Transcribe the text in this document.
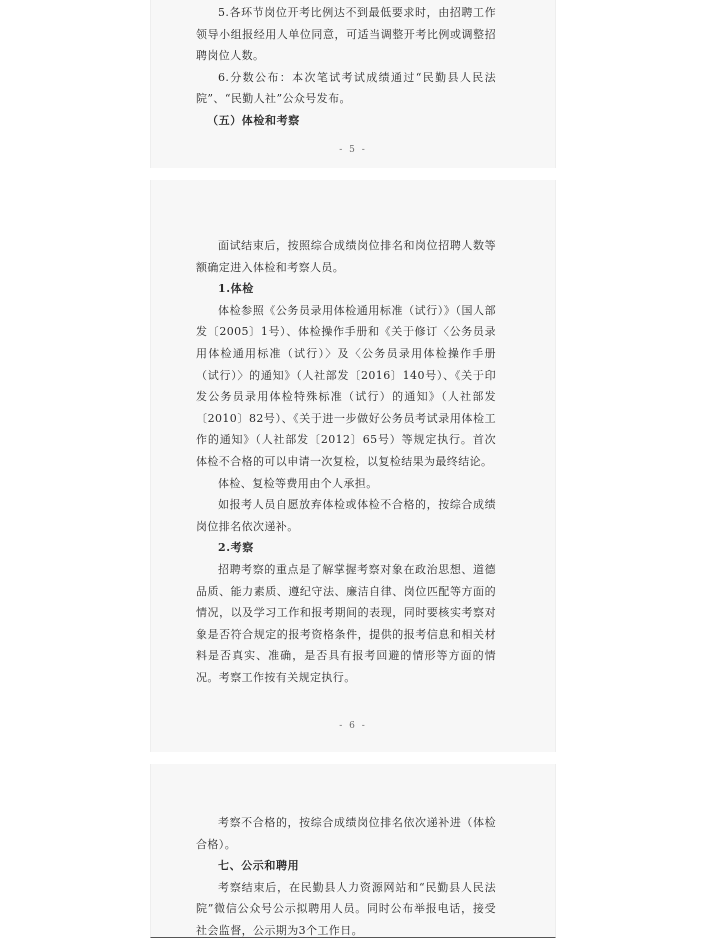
5.各环节岗位开考比例达不到最低要求时，由招聘工作领导小组报经用人单位同意，可适当调整开考比例或调整招聘岗位人数。

6.分数公布：本次笔试考试成绩通过“民勤县人民法院”、“民勤人社”公众号发布。

（五）体检和考察

- 5 -

面试结束后，按照综合成绩岗位排名和岗位招聘人数等额确定进入体检和考察人员。

1.体检

体检参照《公务员录用体检通用标准（试行）》（国人部发〔2005〕1号）、体检操作手册和《关于修订〈公务员录用体检通用标准（试行）〉及〈公务员录用体检操作手册（试行）〉的通知》（人社部发〔2016〕140号）、《关于印发公务员录用体检特殊标准（试行）的通知》（人社部发〔2010〕82号）、《关于进一步做好公务员考试录用体检工作的通知》（人社部发〔2012〕65号）等规定执行。首次体检不合格的可以申请一次复检，以复检结果为最终结论。

体检、复检等费用由个人承担。

如报考人员自愿放弃体检或体检不合格的，按综合成绩岗位排名依次递补。

2.考察

招聘考察的重点是了解掌握考察对象在政治思想、道德品质、能力素质、遵纪守法、廉洁自律、岗位匹配等方面的情况，以及学习工作和报考期间的表现，同时要核实考察对象是否符合规定的报考资格条件，提供的报考信息和相关材料是否真实、准确，是否具有报考回避的情形等方面的情况。考察工作按有关规定执行。

- 6 -

考察不合格的，按综合成绩岗位排名依次递补进（体检合格）。

七、公示和聘用

考察结束后，在民勤县人力资源网站和“民勤县人民法院”微信公众号公示拟聘用人员。同时公布举报电话，接受社会监督，公示期为3个工作日。
